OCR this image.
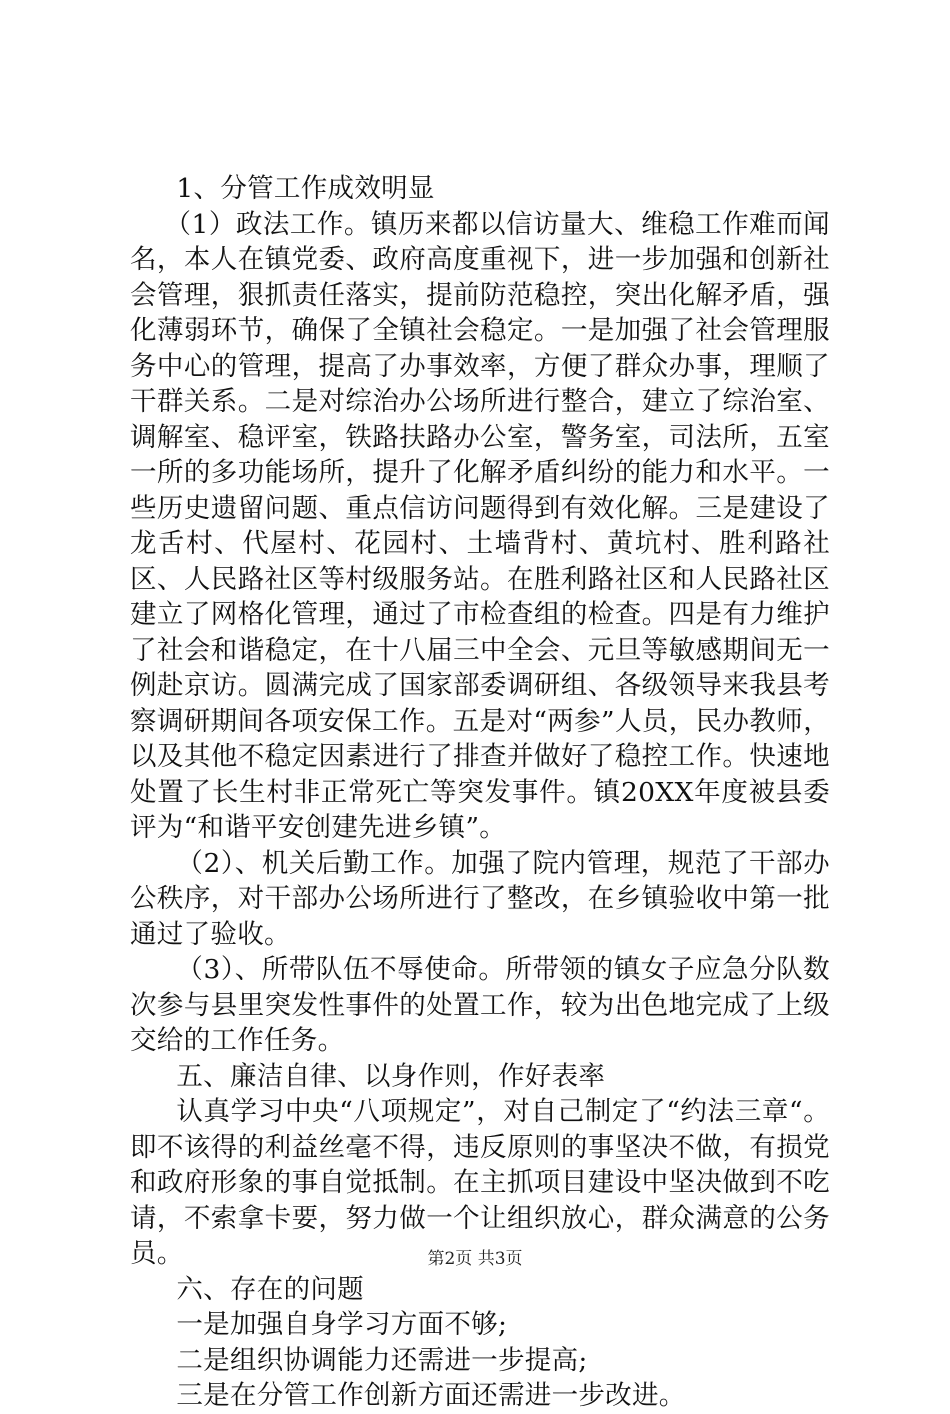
1、分管工作成效明显

（1）政法工作。镇历来都以信访量大、维稳工作难而闻名，本人在镇党委、政府高度重视下，进一步加强和创新社会管理，狠抓责任落实，提前防范稳控，突出化解矛盾，强化薄弱环节，确保了全镇社会稳定。一是加强了社会管理服务中心的管理，提高了办事效率，方便了群众办事，理顺了干群关系。二是对综治办公场所进行整合，建立了综治室、调解室、稳评室，铁路扶路办公室，警务室，司法所，五室一所的多功能场所，提升了化解矛盾纠纷的能力和水平。一些历史遗留问题、重点信访问题得到有效化解。三是建设了龙舌村、代屋村、花园村、土墙背村、黄坑村、胜利路社区、人民路社区等村级服务站。在胜利路社区和人民路社区建立了网格化管理，通过了市检查组的检查。四是有力维护了社会和谐稳定，在十八届三中全会、元旦等敏感期间无一例赴京访。圆满完成了国家部委调研组、各级领导来我县考察调研期间各项安保工作。五是对“两参”人员，民办教师，以及其他不稳定因素进行了排查并做好了稳控工作。快速地处置了长生村非正常死亡等突发事件。镇20XX年度被县委评为“和谐平安创建先进乡镇”。

（2）、机关后勤工作。加强了院内管理，规范了干部办公秩序，对干部办公场所进行了整改，在乡镇验收中第一批通过了验收。

（3）、所带队伍不辱使命。所带领的镇女子应急分队数次参与县里突发性事件的处置工作，较为出色地完成了上级交给的工作任务。

五、廉洁自律、以身作则，作好表率

认真学习中央“八项规定”，对自己制定了“约法三章“。即不该得的利益丝毫不得，违反原则的事坚决不做，有损党和政府形象的事自觉抵制。在主抓项目建设中坚决做到不吃请，不索拿卡要，努力做一个让组织放心，群众满意的公务员。

六、存在的问题

一是加强自身学习方面不够;

二是组织协调能力还需进一步提高;

三是在分管工作创新方面还需进一步改进。

第2页 共3页
